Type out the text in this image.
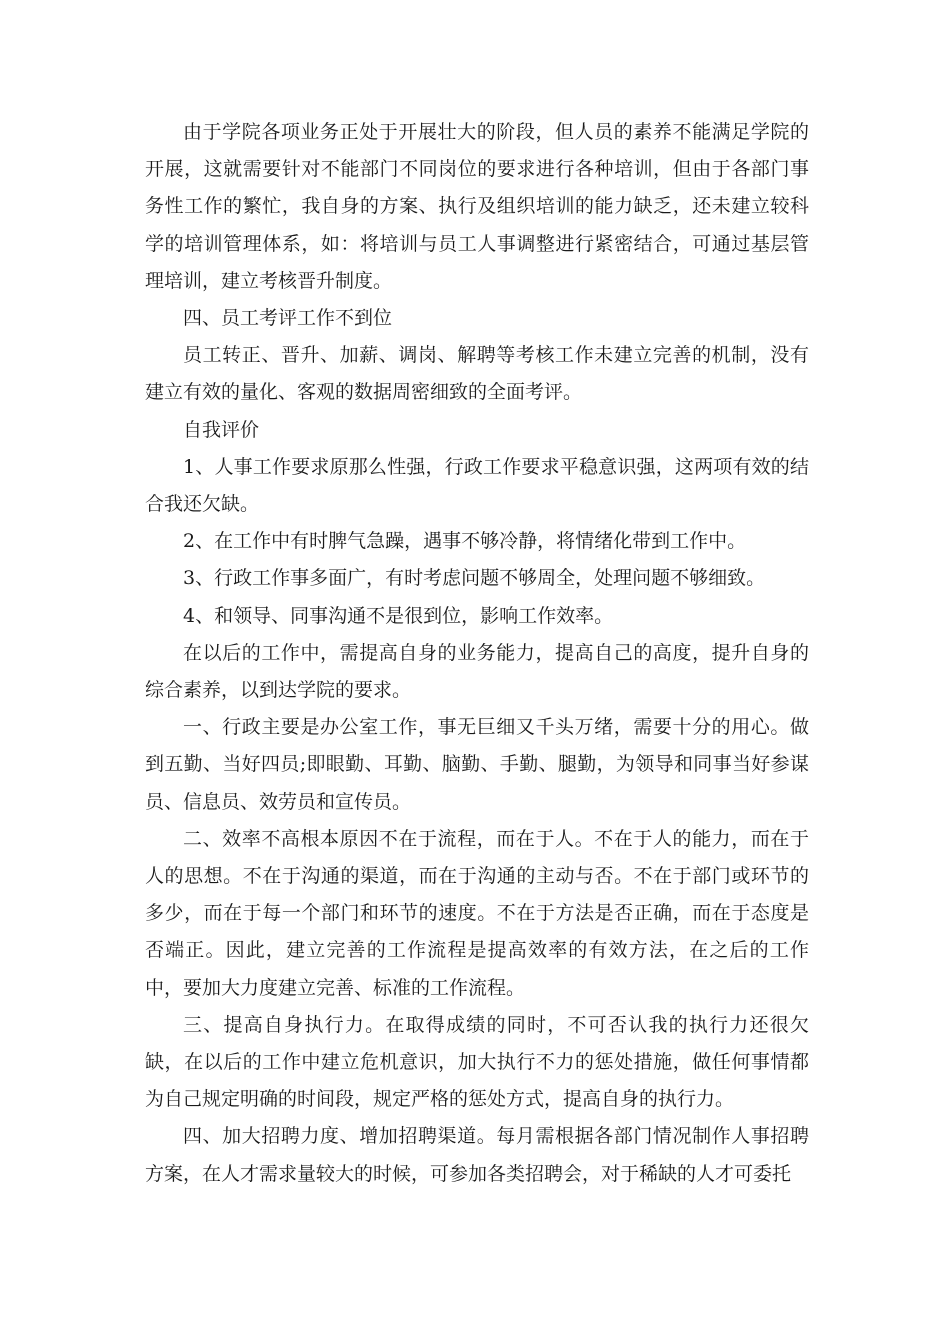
由于学院各项业务正处于开展壮大的阶段，但人员的素养不能满足学院的开展，这就需要针对不能部门不同岗位的要求进行各种培训，但由于各部门事务性工作的繁忙，我自身的方案、执行及组织培训的能力缺乏，还未建立较科学的培训管理体系，如：将培训与员工人事调整进行紧密结合，可通过基层管理培训，建立考核晋升制度。

四、员工考评工作不到位

员工转正、晋升、加薪、调岗、解聘等考核工作未建立完善的机制，没有建立有效的量化、客观的数据周密细致的全面考评。

自我评价

1、人事工作要求原那么性强，行政工作要求平稳意识强，这两项有效的结合我还欠缺。

2、在工作中有时脾气急躁，遇事不够冷静，将情绪化带到工作中。

3、行政工作事多面广，有时考虑问题不够周全，处理问题不够细致。

4、和领导、同事沟通不是很到位，影响工作效率。

在以后的工作中，需提高自身的业务能力，提高自己的高度，提升自身的综合素养，以到达学院的要求。

一、行政主要是办公室工作，事无巨细又千头万绪，需要十分的用心。做到五勤、当好四员;即眼勤、耳勤、脑勤、手勤、腿勤，为领导和同事当好参谋员、信息员、效劳员和宣传员。

二、效率不高根本原因不在于流程，而在于人。不在于人的能力，而在于人的思想。不在于沟通的渠道，而在于沟通的主动与否。不在于部门或环节的多少，而在于每一个部门和环节的速度。不在于方法是否正确，而在于态度是否端正。因此，建立完善的工作流程是提高效率的有效方法，在之后的工作中，要加大力度建立完善、标准的工作流程。

三、提高自身执行力。在取得成绩的同时，不可否认我的执行力还很欠缺，在以后的工作中建立危机意识，加大执行不力的惩处措施，做任何事情都为自己规定明确的时间段，规定严格的惩处方式，提高自身的执行力。

四、加大招聘力度、增加招聘渠道。每月需根据各部门情况制作人事招聘方案，在人才需求量较大的时候，可参加各类招聘会，对于稀缺的人才可委托
